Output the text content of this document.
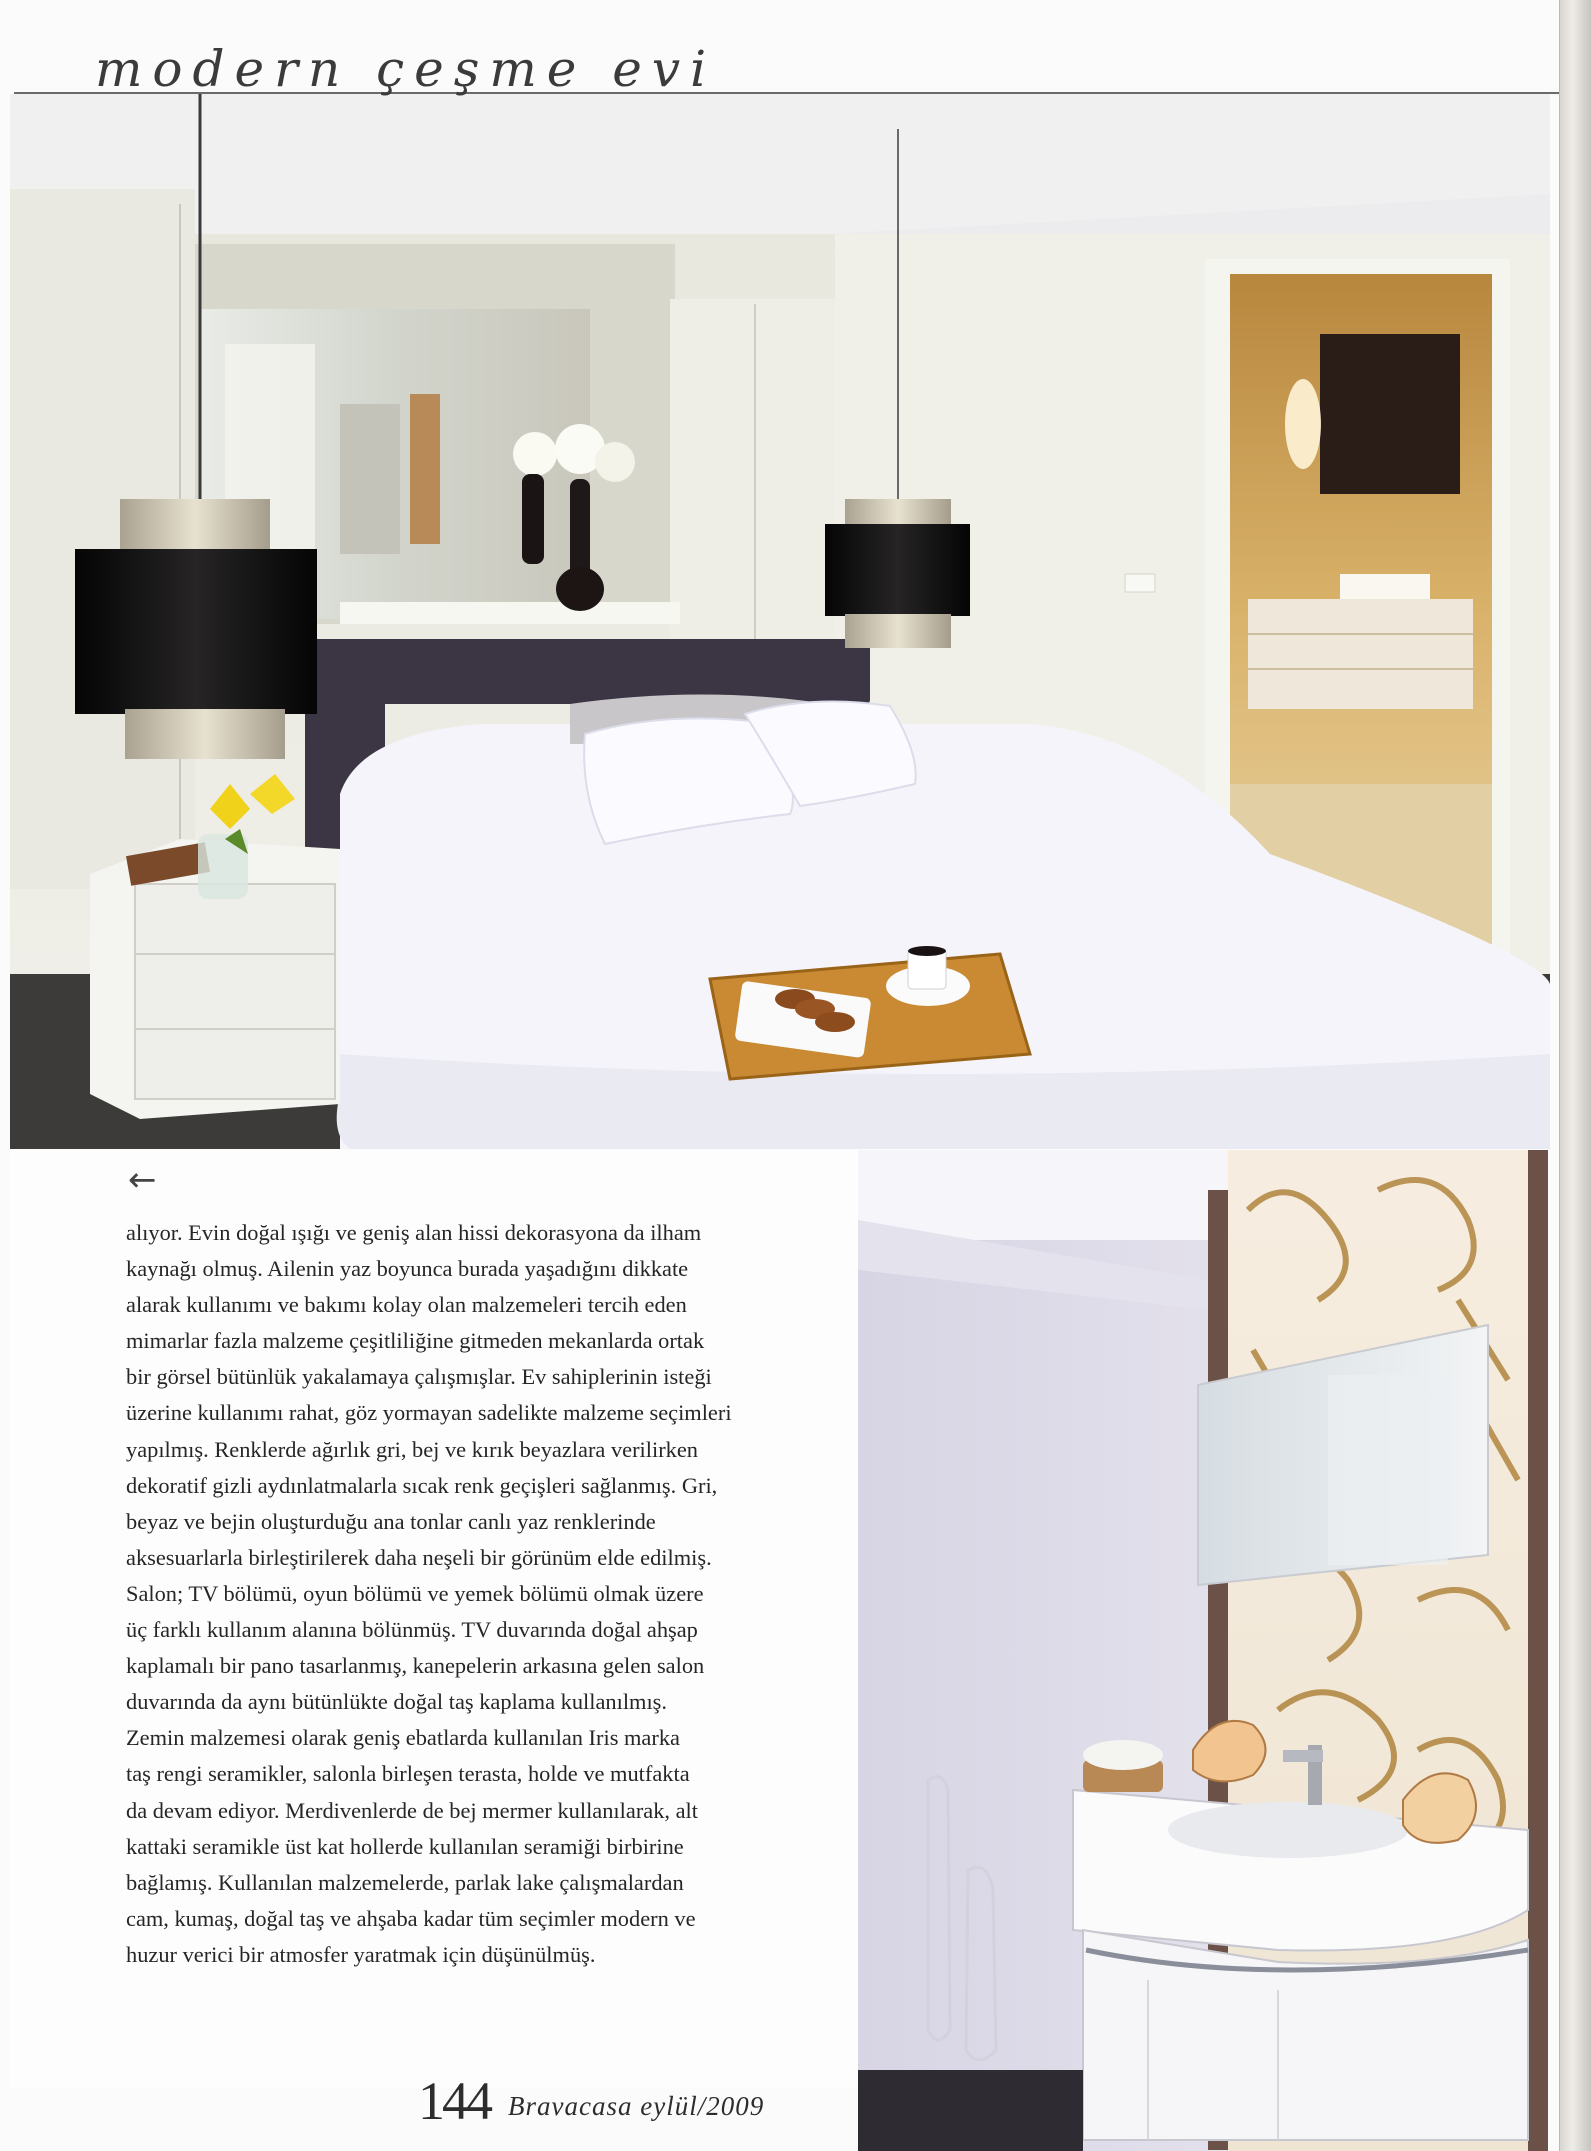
modern çeşme evi
←
alıyor. Evin doğal ışığı ve geniş alan hissi dekorasyona da ilham
kaynağı olmuş. Ailenin yaz boyunca burada yaşadığını dikkate
alarak kullanımı ve bakımı kolay olan malzemeleri tercih eden
mimarlar fazla malzeme çeşitliliğine gitmeden mekanlarda ortak
bir görsel bütünlük yakalamaya çalışmışlar. Ev sahiplerinin isteği
üzerine kullanımı rahat, göz yormayan sadelikte malzeme seçimleri
yapılmış. Renklerde ağırlık gri, bej ve kırık beyazlara verilirken
dekoratif gizli aydınlatmalarla sıcak renk geçişleri sağlanmış. Gri,
beyaz ve bejin oluşturduğu ana tonlar canlı yaz renklerinde
aksesuarlarla birleştirilerek daha neşeli bir görünüm elde edilmiş.
Salon; TV bölümü, oyun bölümü ve yemek bölümü olmak üzere
üç farklı kullanım alanına bölünmüş. TV duvarında doğal ahşap
kaplamalı bir pano tasarlanmış, kanepelerin arkasına gelen salon
duvarında da aynı bütünlükte doğal taş kaplama kullanılmış.
Zemin malzemesi olarak geniş ebatlarda kullanılan Iris marka
taş rengi seramikler, salonla birleşen terasta, holde ve mutfakta
da devam ediyor. Merdivenlerde de bej mermer kullanılarak, alt
kattaki seramikle üst kat hollerde kullanılan seramiği birbirine
bağlamış. Kullanılan malzemelerde, parlak lake çalışmalardan
cam, kumaş, doğal taş ve ahşaba kadar tüm seçimler modern ve
huzur verici bir atmosfer yaratmak için düşünülmüş.
144 Bravacasa eylül/2009
